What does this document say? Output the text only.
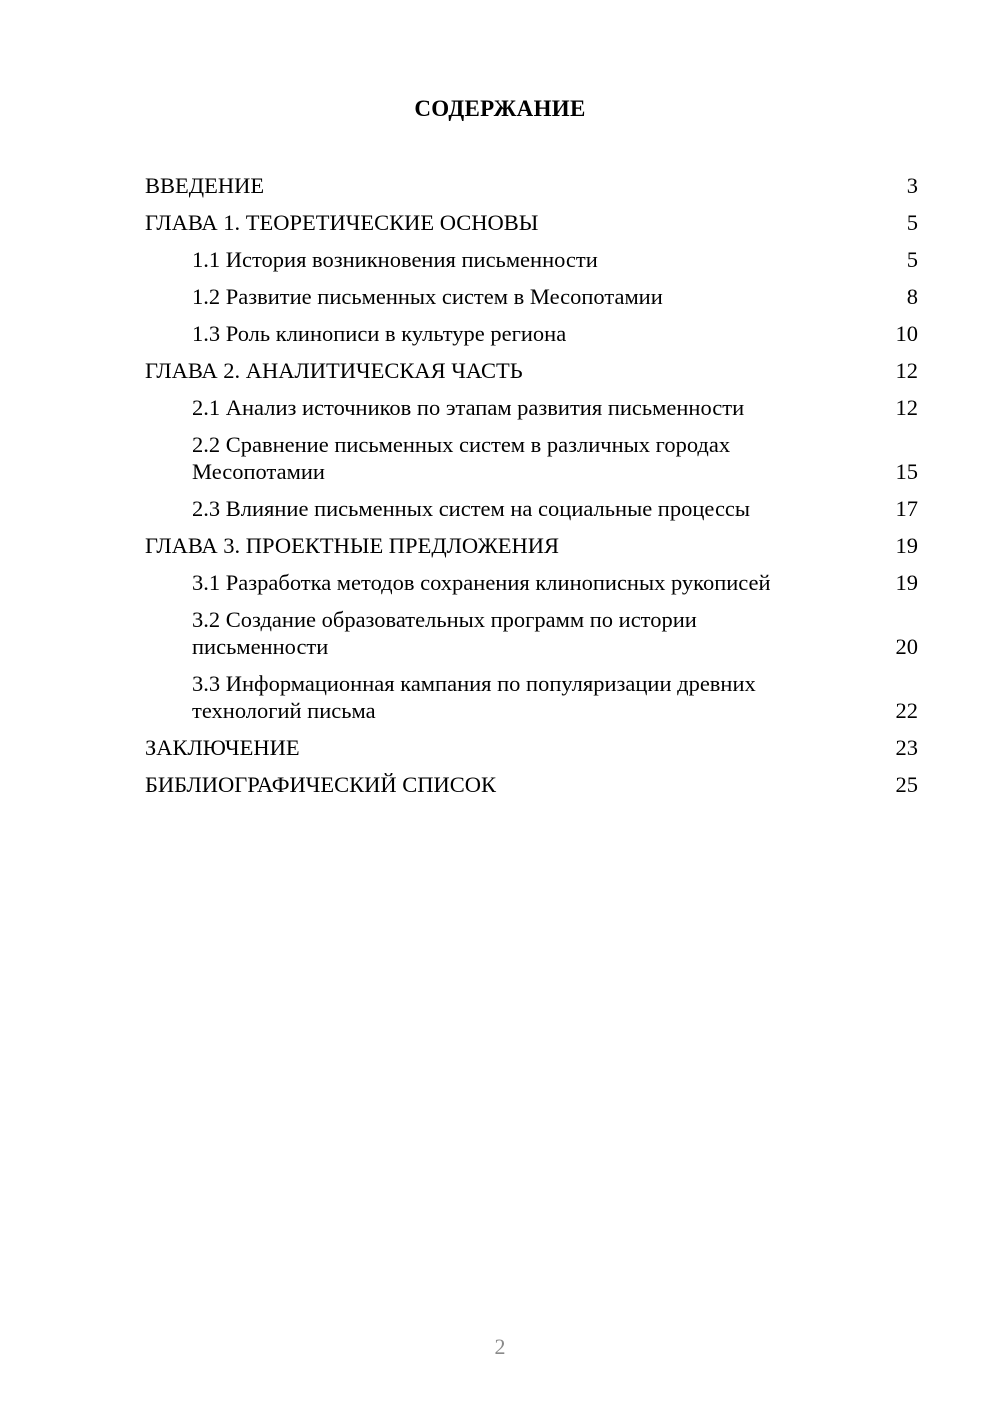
СОДЕРЖАНИЕ
ВВЕДЕНИЕ	3
ГЛАВА 1. ТЕОРЕТИЧЕСКИЕ ОСНОВЫ	5
1.1 История возникновения письменности	5
1.2 Развитие письменных систем в Месопотамии	8
1.3 Роль клинописи в культуре региона	10
ГЛАВА 2. АНАЛИТИЧЕСКАЯ ЧАСТЬ	12
2.1 Анализ источников по этапам развития письменности	12
2.2 Сравнение письменных систем в различных городах Месопотамии	15
2.3 Влияние письменных систем на социальные процессы	17
ГЛАВА 3. ПРОЕКТНЫЕ ПРЕДЛОЖЕНИЯ	19
3.1 Разработка методов сохранения клинописных рукописей	19
3.2 Создание образовательных программ по истории письменности	20
3.3 Информационная кампания по популяризации древних технологий письма	22
ЗАКЛЮЧЕНИЕ	23
БИБЛИОГРАФИЧЕСКИЙ СПИСОК	25
2
